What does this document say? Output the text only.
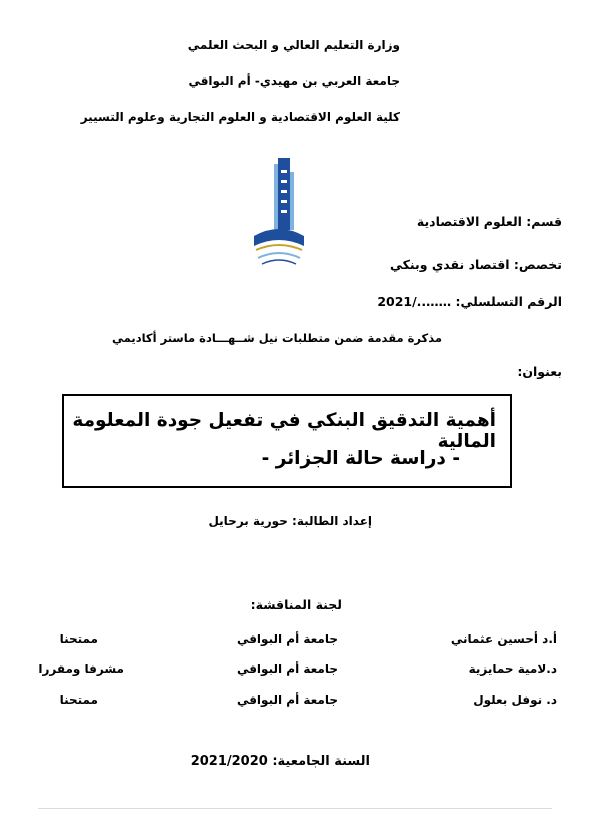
وزارة التعليم العالي و البحث العلمي
جامعة العربي بن مهيدي- أم البواقي
كلية العلوم الاقتصادية و العلوم التجارية وعلوم التسيير
قسم: العلوم الاقتصادية
تخصص: اقتصاد نقدي وبنكي
الرقم التسلسلي: ……../2021
مذكرة مقدمة ضمن متطلبات نيل شــهـــادة ماستر أكاديمي
بعنوان:
أهمية التدقيق البنكي في تفعيل جودة المعلومة المالية
- دراسة حالة الجزائر -
إعداد الطالبة: حورية برحايل
لجنة المناقشة:
أ.د أحسين عثماني
جامعة أم البواقي
ممتحنا
د.لامية حمايزية
جامعة أم البواقي
مشرفا ومقررا
د. نوفل بعلول
جامعة أم البواقي
ممتحنا
السنة الجامعية: 2021/2020
